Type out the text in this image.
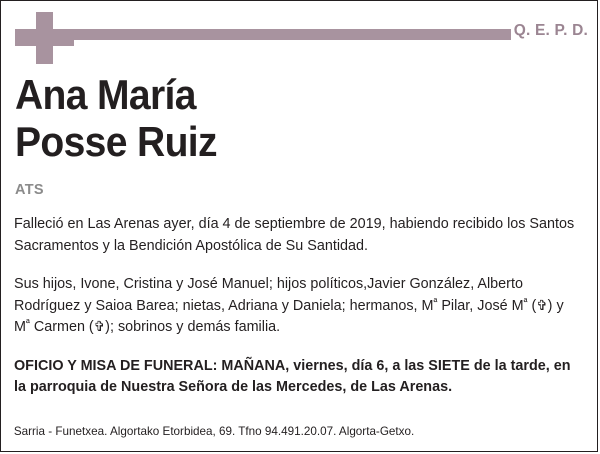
Q. E. P. D.
Ana María
Posse Ruiz
ATS

Falleció en Las Arenas ayer, día 4 de septiembre de 2019, habiendo recibido los Santos Sacramentos y la Bendición Apostólica de Su Santidad.

Sus hijos, Ivone, Cristina y José Manuel; hijos políticos,Javier González, Alberto Rodríguez y Saioa Barea; nietas, Adriana y Daniela; hermanos, $M^ª$ Pilar, José $M^ª$ (✞) y $M^ª$ Carmen (✞); sobrinos y demás familia.

OFICIO Y MISA DE FUNERAL: MAÑANA, viernes, día 6, a las SIETE de la tarde, en la parroquia de Nuestra Señora de las Mercedes, de Las Arenas.

Sarria - Funetxea. Algortako Etorbidea, 69. Tfno 94.491.20.07. Algorta-Getxo.
